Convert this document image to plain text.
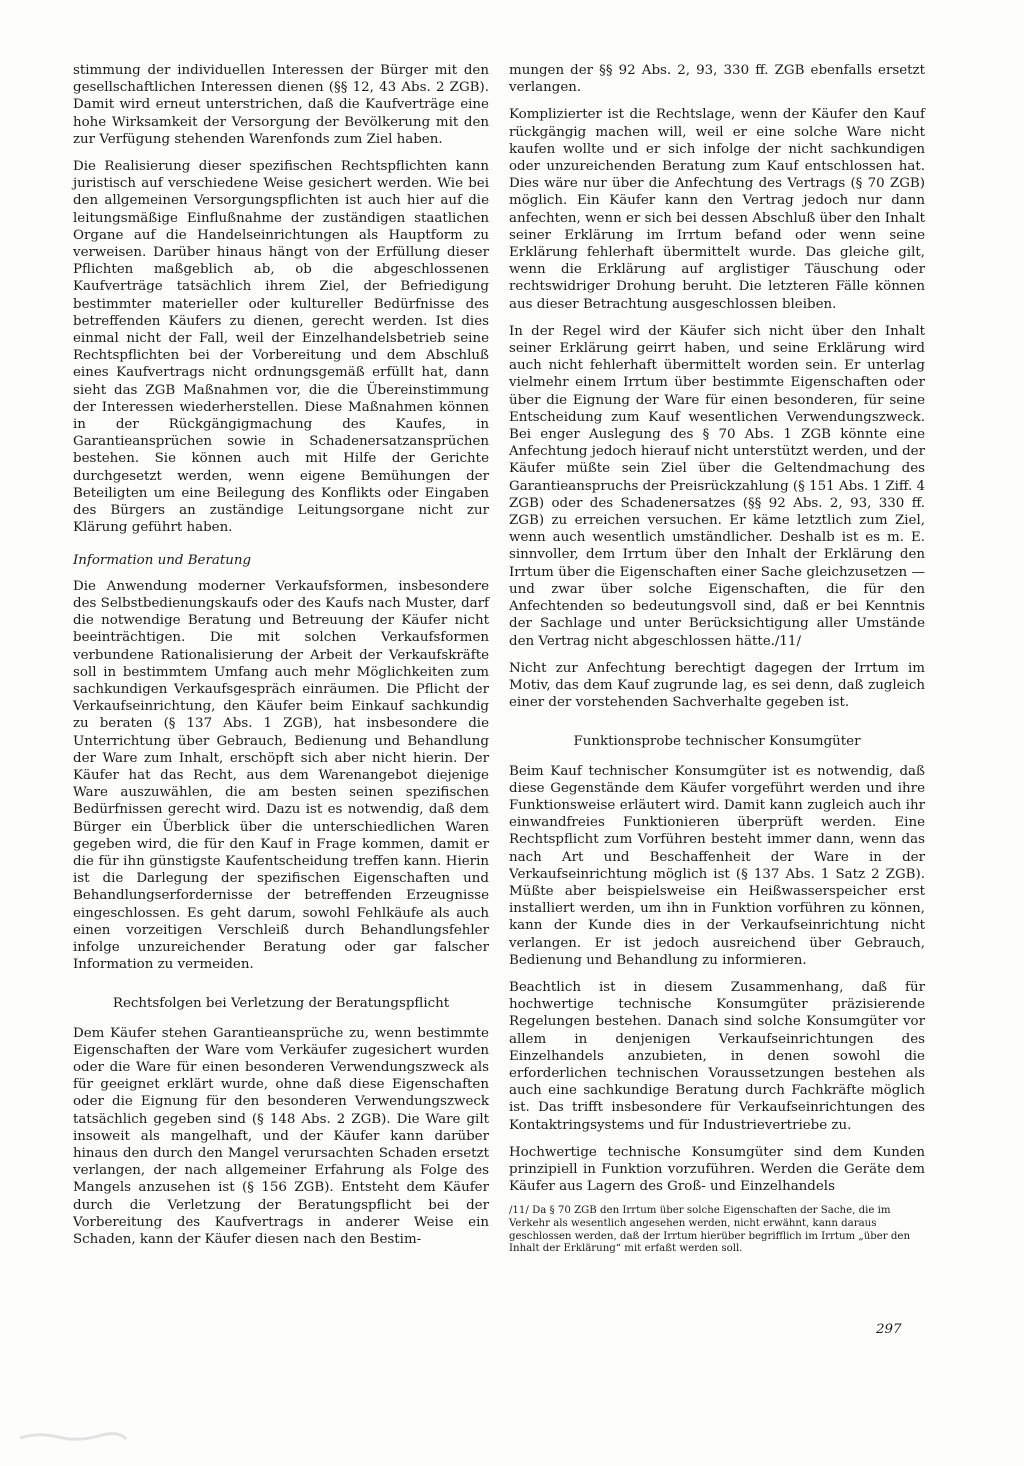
stimmung der individuellen Interessen der Bürger mit den gesellschaftlichen Interessen dienen (§§ 12, 43 Abs. 2 ZGB). Damit wird erneut unterstrichen, daß die Kaufverträge eine hohe Wirksamkeit der Versorgung der Bevölkerung mit den zur Verfügung stehenden Warenfonds zum Ziel haben.

Die Realisierung dieser spezifischen Rechtspflichten kann juristisch auf verschiedene Weise gesichert werden. Wie bei den allgemeinen Versorgungspflichten ist auch hier auf die leitungsmäßige Einflußnahme der zuständigen staatlichen Organe auf die Handelseinrichtungen als Hauptform zu verweisen. Darüber hinaus hängt von der Erfüllung dieser Pflichten maßgeblich ab, ob die abgeschlossenen Kaufverträge tatsächlich ihrem Ziel, der Befriedigung bestimmter materieller oder kultureller Bedürfnisse des betreffenden Käufers zu dienen, gerecht werden. Ist dies einmal nicht der Fall, weil der Einzelhandelsbetrieb seine Rechtspflichten bei der Vorbereitung und dem Abschluß eines Kaufvertrags nicht ordnungsgemäß erfüllt hat, dann sieht das ZGB Maßnahmen vor, die die Übereinstimmung der Interessen wiederherstellen. Diese Maßnahmen können in der Rückgängigmachung des Kaufes, in Garantieansprüchen sowie in Schadenersatzansprüchen bestehen. Sie können auch mit Hilfe der Gerichte durchgesetzt werden, wenn eigene Bemühungen der Beteiligten um eine Beilegung des Konflikts oder Eingaben des Bürgers an zuständige Leitungsorgane nicht zur Klärung geführt haben.

Information und Beratung

Die Anwendung moderner Verkaufsformen, insbesondere des Selbstbedienungskaufs oder des Kaufs nach Muster, darf die notwendige Beratung und Betreuung der Käufer nicht beeinträchtigen. Die mit solchen Verkaufsformen verbundene Rationalisierung der Arbeit der Verkaufskräfte soll in bestimmtem Umfang auch mehr Möglichkeiten zum sachkundigen Verkaufsgespräch einräumen. Die Pflicht der Verkaufseinrichtung, den Käufer beim Einkauf sachkundig zu beraten (§ 137 Abs. 1 ZGB), hat insbesondere die Unterrichtung über Gebrauch, Bedienung und Behandlung der Ware zum Inhalt, erschöpft sich aber nicht hierin. Der Käufer hat das Recht, aus dem Warenangebot diejenige Ware auszuwählen, die am besten seinen spezifischen Bedürfnissen gerecht wird. Dazu ist es notwendig, daß dem Bürger ein Überblick über die unterschiedlichen Waren gegeben wird, die für den Kauf in Frage kommen, damit er die für ihn günstigste Kaufentscheidung treffen kann. Hierin ist die Darlegung der spezifischen Eigenschaften und Behandlungserfordernisse der betreffenden Erzeugnisse eingeschlossen. Es geht darum, sowohl Fehlkäufe als auch einen vorzeitigen Verschleiß durch Behandlungsfehler infolge unzureichender Beratung oder gar falscher Information zu vermeiden.

Rechtsfolgen bei Verletzung der Beratungspflicht

Dem Käufer stehen Garantieansprüche zu, wenn bestimmte Eigenschaften der Ware vom Verkäufer zugesichert wurden oder die Ware für einen besonderen Verwendungszweck als für geeignet erklärt wurde, ohne daß diese Eigenschaften oder die Eignung für den besonderen Verwendungszweck tatsächlich gegeben sind (§ 148 Abs. 2 ZGB). Die Ware gilt insoweit als mangelhaft, und der Käufer kann darüber hinaus den durch den Mangel verursachten Schaden ersetzt verlangen, der nach allgemeiner Erfahrung als Folge des Mangels anzusehen ist (§ 156 ZGB). Entsteht dem Käufer durch die Verletzung der Beratungspflicht bei der Vorbereitung des Kaufvertrags in anderer Weise ein Schaden, kann der Käufer diesen nach den Bestim-

mungen der §§ 92 Abs. 2, 93, 330 ff. ZGB ebenfalls ersetzt verlangen.

Komplizierter ist die Rechtslage, wenn der Käufer den Kauf rückgängig machen will, weil er eine solche Ware nicht kaufen wollte und er sich infolge der nicht sachkundigen oder unzureichenden Beratung zum Kauf entschlossen hat. Dies wäre nur über die Anfechtung des Vertrags (§ 70 ZGB) möglich. Ein Käufer kann den Vertrag jedoch nur dann anfechten, wenn er sich bei dessen Abschluß über den Inhalt seiner Erklärung im Irrtum befand oder wenn seine Erklärung fehlerhaft übermittelt wurde. Das gleiche gilt, wenn die Erklärung auf arglistiger Täuschung oder rechtswidriger Drohung beruht. Die letzteren Fälle können aus dieser Betrachtung ausgeschlossen bleiben.

In der Regel wird der Käufer sich nicht über den Inhalt seiner Erklärung geirrt haben, und seine Erklärung wird auch nicht fehlerhaft übermittelt worden sein. Er unterlag vielmehr einem Irrtum über bestimmte Eigenschaften oder über die Eignung der Ware für einen besonderen, für seine Entscheidung zum Kauf wesentlichen Verwendungszweck. Bei enger Auslegung des § 70 Abs. 1 ZGB könnte eine Anfechtung jedoch hierauf nicht unterstützt werden, und der Käufer müßte sein Ziel über die Geltendmachung des Garantieanspruchs der Preisrückzahlung (§ 151 Abs. 1 Ziff. 4 ZGB) oder des Schadenersatzes (§§ 92 Abs. 2, 93, 330 ff. ZGB) zu erreichen versuchen. Er käme letztlich zum Ziel, wenn auch wesentlich umständlicher. Deshalb ist es m. E. sinnvoller, dem Irrtum über den Inhalt der Erklärung den Irrtum über die Eigenschaften einer Sache gleichzusetzen — und zwar über solche Eigenschaften, die für den Anfechtenden so bedeutungsvoll sind, daß er bei Kenntnis der Sachlage und unter Berücksichtigung aller Umstände den Vertrag nicht abgeschlossen hätte./11/

Nicht zur Anfechtung berechtigt dagegen der Irrtum im Motiv, das dem Kauf zugrunde lag, es sei denn, daß zugleich einer der vorstehenden Sachverhalte gegeben ist.

Funktionsprobe technischer Konsumgüter

Beim Kauf technischer Konsumgüter ist es notwendig, daß diese Gegenstände dem Käufer vorgeführt werden und ihre Funktionsweise erläutert wird. Damit kann zugleich auch ihr einwandfreies Funktionieren überprüft werden. Eine Rechtspflicht zum Vorführen besteht immer dann, wenn das nach Art und Beschaffenheit der Ware in der Verkaufseinrichtung möglich ist (§ 137 Abs. 1 Satz 2 ZGB). Müßte aber beispielsweise ein Heißwasserspeicher erst installiert werden, um ihn in Funktion vorführen zu können, kann der Kunde dies in der Verkaufseinrichtung nicht verlangen. Er ist jedoch ausreichend über Gebrauch, Bedienung und Behandlung zu informieren.

Beachtlich ist in diesem Zusammenhang, daß für hochwertige technische Konsumgüter präzisierende Regelungen bestehen. Danach sind solche Konsumgüter vor allem in denjenigen Verkaufseinrichtungen des Einzelhandels anzubieten, in denen sowohl die erforderlichen technischen Voraussetzungen bestehen als auch eine sachkundige Beratung durch Fachkräfte möglich ist. Das trifft insbesondere für Verkaufseinrichtungen des Kontaktringsystems und für Industrievertriebe zu.

Hochwertige technische Konsumgüter sind dem Kunden prinzipiell in Funktion vorzuführen. Werden die Geräte dem Käufer aus Lagern des Groß- und Einzelhandels

/11/ Da § 70 ZGB den Irrtum über solche Eigenschaften der Sache, die im Verkehr als wesentlich angesehen werden, nicht erwähnt, kann daraus geschlossen werden, daß der Irrtum hierüber begrifflich im Irrtum „über den Inhalt der Erklärung“ mit erfaßt werden soll.
297
